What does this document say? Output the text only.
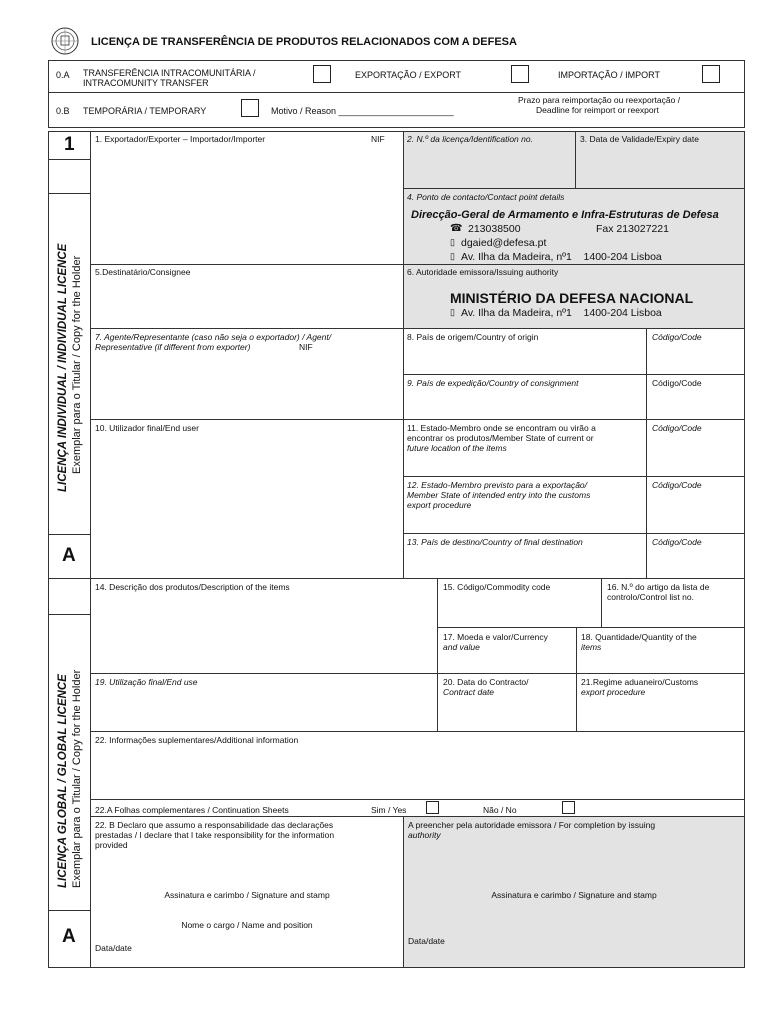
LICENÇA DE TRANSFERÊNCIA DE PRODUTOS RELACIONADOS COM A DEFESA
0.A	TRANSFERÊNCIA INTRACOMUNITÁRIA / INTRACOMUNITY TRANSFER
EXPORTAÇÃO / EXPORT	IMPORTAÇÃO / IMPORT
0.B	TEMPORÁRIA / TEMPORARY	Motivo / Reason _______________________
Prazo para reimportação ou reexportação /
Deadline for reimport or reexport
1
A
A
LICENÇA INDIVIDUAL / INDIVIDUAL LICENCE Exemplar para o Titular / Copy for the Holder
LICENÇA GLOBAL / GLOBAL LICENCE Exemplar para o Titular / Copy for the Holder
1. Exportador/Exporter – Importador/Importer	NIF	2. N.º da licença/Identification no.	3. Data de Validade/Expiry date
4. Ponto de contacto/Contact point details
Direcção-Geral de Armamento e Infra-Estruturas de Defesa
☎ 213038500	Fax 213027221
▯ dgaied@defesa.pt
▯ Av. Ilha da Madeira, nº1    1400-204 Lisboa
5.Destinatário/Consignee	6. Autoridade emissora/Issuing authority
MINISTÉRIO DA DEFESA NACIONAL
▯ Av. Ilha da Madeira, nº1    1400-204 Lisboa
7. Agente/Representante (caso não seja o exportador) / Agent/
Representative (if different from exporter)	NIF
8. País de origem/Country of origin	Código/Code
9. País de expedição/Country of consignment	Código/Code
10. Utilizador final/End user	11. Estado-Membro onde se encontram ou virão a
encontrar os produtos/Member State of current or
future location of the items
Código/Code
12. Estado-Membro previsto para a exportação/
Member State of intended entry into the customs
export procedure
Código/Code
13. País de destino/Country of final destination	Código/Code
14. Descrição dos produtos/Description of the items	15. Código/Commodity code	16. N.º do artigo da lista de
controlo/Control list no.
17. Moeda e valor/Currency
and value
18. Quantidade/Quantity of the
items
19. Utilização final/End use	20. Data do Contracto/
Contract date
21.Regime aduaneiro/Customs
export procedure
22. Informações suplementares/Additional information
22.A Folhas complementares / Continuation Sheets	Sim / Yes	Não / No
22. B Declaro que assumo a responsabilidade das declarações
prestadas / I declare that I take responsibility for the information
provided
A preencher pela autoridade emissora / For completion by issuing
authority
Assinatura e carimbo / Signature and stamp	Assinatura e carimbo / Signature and stamp
Nome o cargo / Name and position
Data/date
Data/date
